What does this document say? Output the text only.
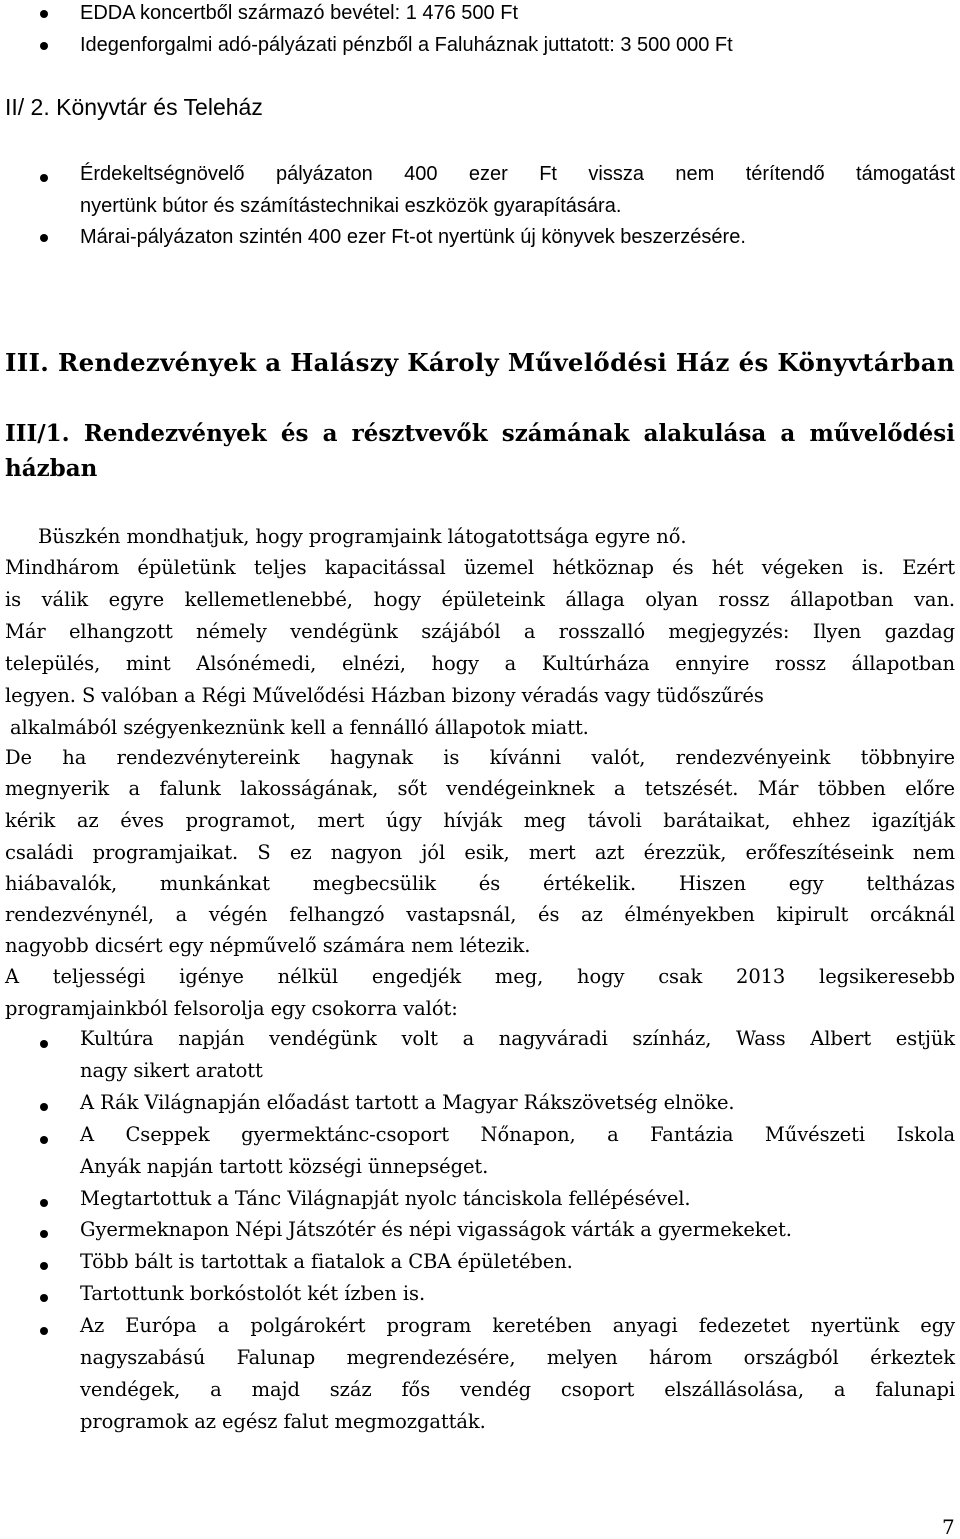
EDDA koncertből származó bevétel: 1 476 500 Ft
Idegenforgalmi adó-pályázati pénzből a Faluháznak juttatott: 3 500 000 Ft
II/ 2. Könyvtár és Teleház
Érdekeltségnövelő pályázaton 400 ezer Ft vissza nem térítendő támogatást
nyertünk bútor és számítástechnikai eszközök gyarapítására.
Márai-pályázaton szintén 400 ezer Ft-ot nyertünk új könyvek beszerzésére.
III. Rendezvények a Halászy Károly Művelődési Ház és Könyvtárban
III/1. Rendezvények és a résztvevők számának alakulása a művelődési
házban
Büszkén mondhatjuk, hogy programjaink látogatottsága egyre nő.
Mindhárom épületünk teljes kapacitással üzemel hétköznap és hét végeken is. Ezért
is válik egyre kellemetlenebbé, hogy épületeink állaga olyan rossz állapotban van.
Már elhangzott némely vendégünk szájából a rosszalló megjegyzés: Ilyen gazdag
település, mint Alsónémedi, elnézi, hogy a Kultúrháza ennyire rossz állapotban
legyen. S valóban a Régi Művelődési Házban bizony véradás vagy tüdőszűrés
alkalmából szégyenkeznünk kell a fennálló állapotok miatt.
De ha rendezvénytereink hagynak is kívánni valót, rendezvényeink többnyire
megnyerik a falunk lakosságának, sőt vendégeinknek a tetszését. Már többen előre
kérik az éves programot, mert úgy hívják meg távoli barátaikat, ehhez igazítják
családi programjaikat. S ez nagyon jól esik, mert azt érezzük, erőfeszítéseink nem
hiábavalók, munkánkat megbecsülik és értékelik. Hiszen egy teltházas
rendezvénynél, a végén felhangzó vastapsnál, és az élményekben kipirult orcáknál
nagyobb dicsért egy népművelő számára nem létezik.
A teljességi igénye nélkül engedjék meg, hogy csak 2013 legsikeresebb
programjainkból felsorolja egy csokorra valót:
Kultúra napján vendégünk volt a nagyváradi színház, Wass Albert estjük
nagy sikert aratott
A Rák Világnapján előadást tartott a Magyar Rákszövetség elnöke.
A Cseppek gyermektánc-csoport Nőnapon, a Fantázia Művészeti Iskola
Anyák napján tartott községi ünnepséget.
Megtartottuk a Tánc Világnapját nyolc tánciskola fellépésével.
Gyermeknapon Népi Játszótér és népi vigasságok várták a gyermekeket.
Több bált is tartottak a fiatalok a CBA épületében.
Tartottunk borkóstolót két ízben is.
Az Európa a polgárokért program keretében anyagi fedezetet nyertünk egy
nagyszabású Falunap megrendezésére, melyen három országból érkeztek
vendégek, a majd száz fős vendég csoport elszállásolása, a falunapi
programok az egész falut megmozgatták.
7
